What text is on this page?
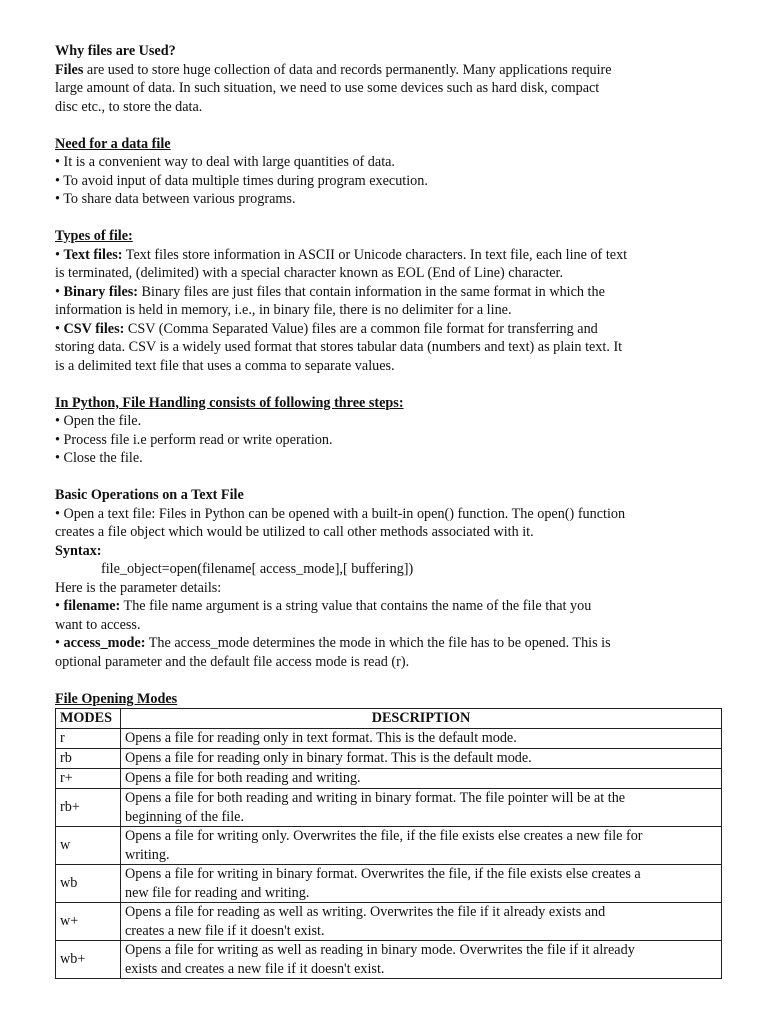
Why files are Used?
Files are used to store huge collection of data and records permanently. Many applications require
large amount of data. In such situation, we need to use some devices such as hard disk, compact
disc etc., to store the data.

Need for a data file
• It is a convenient way to deal with large quantities of data.
• To avoid input of data multiple times during program execution.
• To share data between various programs.

Types of file:
• Text files: Text files store information in ASCII or Unicode characters. In text file, each line of text
is terminated, (delimited) with a special character known as EOL (End of Line) character.
• Binary files: Binary files are just files that contain information in the same format in which the
information is held in memory, i.e., in binary file, there is no delimiter for a line.
• CSV files: CSV (Comma Separated Value) files are a common file format for transferring and
storing data. CSV is a widely used format that stores tabular data (numbers and text) as plain text. It
is a delimited text file that uses a comma to separate values.

In Python, File Handling consists of following three steps:
• Open the file.
• Process file i.e perform read or write operation.
• Close the file.

Basic Operations on a Text File
• Open a text file: Files in Python can be opened with a built-in open() function. The open() function
creates a file object which would be utilized to call other methods associated with it.
Syntax:
file_object=open(filename[ access_mode],[ buffering])
Here is the parameter details:
• filename: The file name argument is a string value that contains the name of the file that you
want to access.
• access_mode: The access_mode determines the mode in which the file has to be opened. This is
optional parameter and the default file access mode is read (r).

File Opening Modes

MODES	DESCRIPTION
r	Opens a file for reading only in text format. This is the default mode.

rb	Opens a file for reading only in binary format. This is the default mode.

r+	Opens a file for both reading and writing.

rb+	Opens a file for both reading and writing in binary format. The file pointer will be at the
beginning of the file.

w	Opens a file for writing only. Overwrites the file, if the file exists else creates a new file for
writing.

wb	Opens a file for writing in binary format. Overwrites the file, if the file exists else creates a
new file for reading and writing.

w+	Opens a file for reading as well as writing. Overwrites the file if it already exists and
creates a new file if it doesn't exist.

wb+	Opens a file for writing as well as reading in binary mode. Overwrites the file if it already
exists and creates a new file if it doesn't exist.
